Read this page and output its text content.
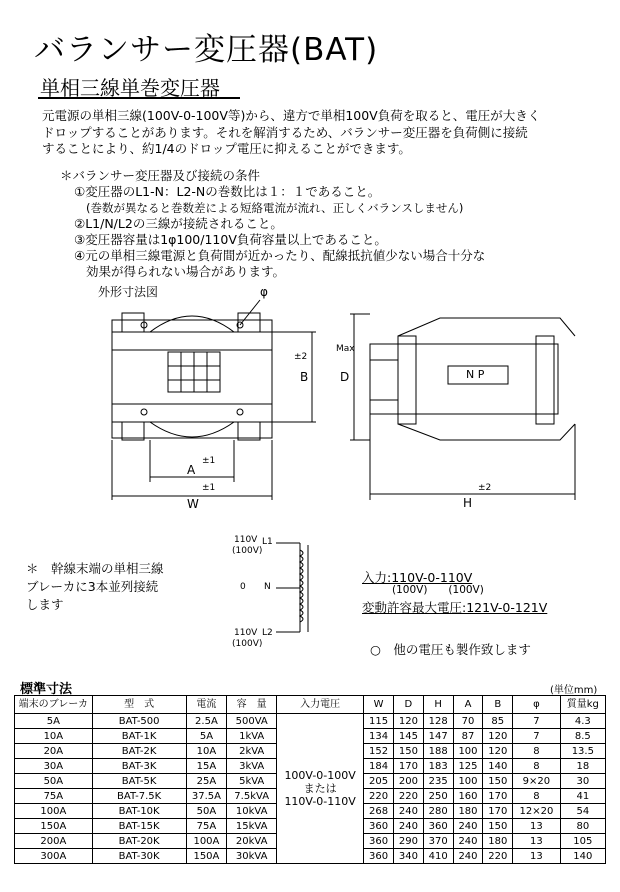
バランサー変圧器(BAT)
単相三線単巻変圧器
元電源の単相三線(100V-0-100V等)から、違方で単相100V負荷を取ると、電圧が大きく
ドロップすることがあります。それを解消するため、バランサー変圧器を負荷側に接続
することにより、約1/4のドロップ電圧に抑えることができます。
＊バランサー変圧器及び接続の条件
①変圧器のL1-N：L2-Nの巻数比は１：１であること。
(巻数が異なると巻数差による短絡電流が流れ、正しくバランスしません)
②L1/N/L2の三線が接続されること。
③変圧器容量は1φ100/110V負荷容量以上であること。
④元の単相三線電源と負荷間が近かったり、配線抵抗値少ない場合十分な
効果が得られない場合があります。
外形寸法図	φ
A
±1
W
±1
B
±2
D
Max
H
±2
N P
110V
(100V)
L1
0 N
110V
(100V)
L2
＊　幹線末端の単相三線
ブレーカに3本並列接続
します
入力:110V-0-110V
(100V)　　(100V)
変動許容最大電圧:121V-0-121V
○　他の電圧も製作致します
標準寸法	(単位mm)
端末のブレーカ	型　式	電流	容　量	入力電圧	W	D	H	A	B	φ	質量kg
5A	BAT-500	2.5A	500VA	100V-0-100V
または
110V-0-110V	115	120	128	70	85	7	4.3
10A	BAT-1K	5A	1kVA		134	145	147	87	120	7	8.5
20A	BAT-2K	10A	2kVA		152	150	188	100	120	8	13.5
30A	BAT-3K	15A	3kVA		184	170	183	125	140	8	18
50A	BAT-5K	25A	5kVA		205	200	235	100	150	9×20	30
75A	BAT-7.5K	37.5A	7.5kVA		220	220	250	160	170	8	41
100A	BAT-10K	50A	10kVA		268	240	280	180	170	12×20	54
150A	BAT-15K	75A	15kVA		360	240	360	240	150	13	80
200A	BAT-20K	100A	20kVA		360	290	370	240	180	13	105
300A	BAT-30K	150A	30kVA		360	340	410	240	220	13	140
